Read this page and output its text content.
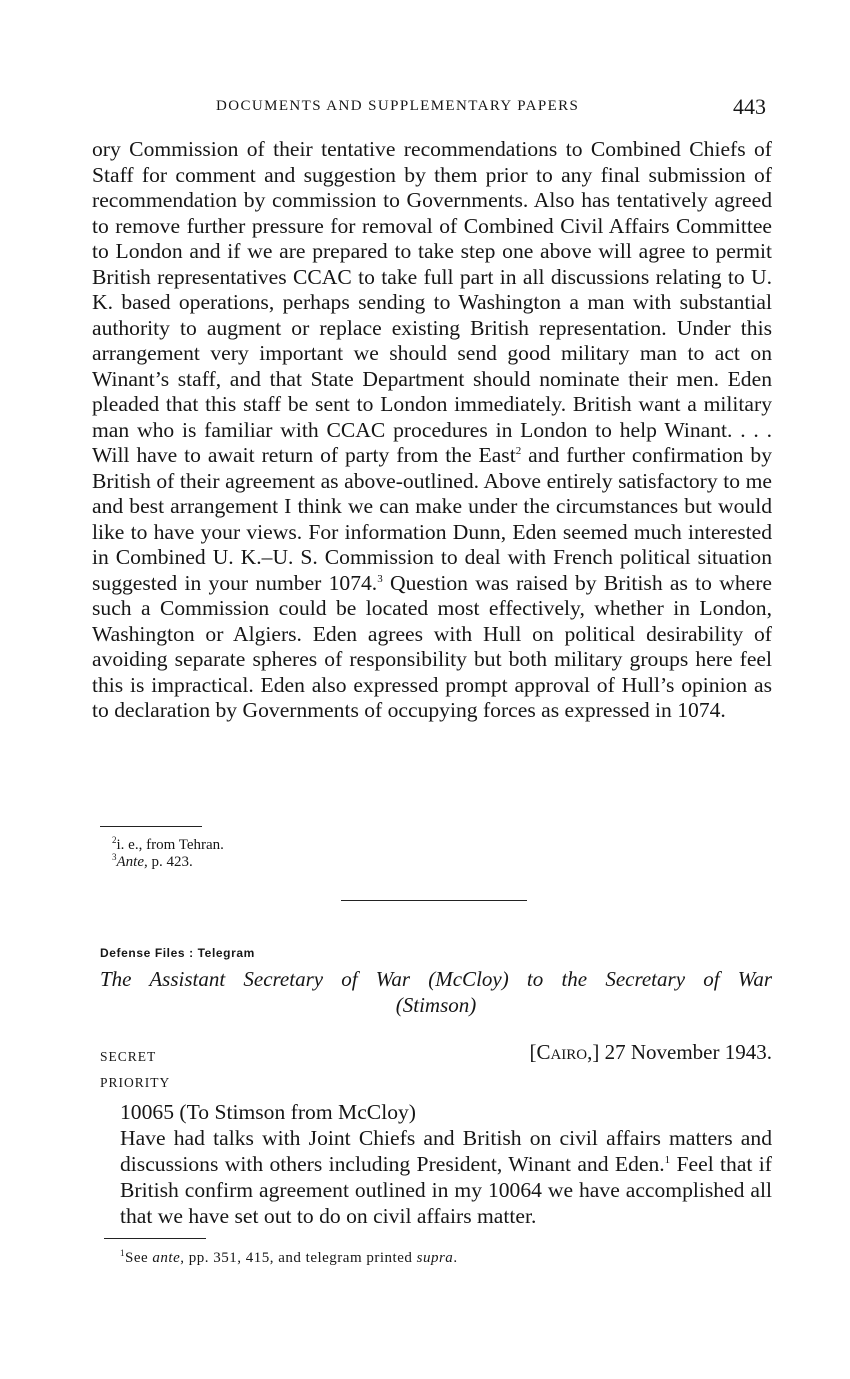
DOCUMENTS AND SUPPLEMENTARY PAPERS	443

ory Commission of their tentative recommendations to Combined Chiefs of Staff for comment and suggestion by them prior to any final submission of recommendation by commission to Governments. Also has tentatively agreed to remove further pressure for removal of Combined Civil Affairs Committee to London and if we are prepared to take step one above will agree to permit British representatives CCAC to take full part in all discussions relating to U. K. based operations, perhaps sending to Washington a man with substantial authority to augment or replace existing British representation. Under this arrangement very important we should send good military man to act on Winant’s staff, and that State Department should nominate their men. Eden pleaded that this staff be sent to London immediately. British want a military man who is familiar with CCAC procedures in London to help Winant. . . . Will have to await return of party from the East$^2$ and further confirmation by British of their agreement as above-outlined. Above entirely satisfactory to me and best arrangement I think we can make under the circumstances but would like to have your views. For information Dunn, Eden seemed much interested in Combined U. K.–U. S. Commission to deal with French political situation suggested in your number 1074.$^3$ Question was raised by British as to where such a Commission could be located most effectively, whether in London, Washington or Algiers. Eden agrees with Hull on political desirability of avoiding separate spheres of responsibility but both military groups here feel this is impractical. Eden also expressed prompt approval of Hull’s opinion as to declaration by Governments of occupying forces as expressed in 1074.

$^2$i. e., from Tehran.
$^3$Ante, p. 423.
Defense Files : Telegram
The Assistant Secretary of War (McCloy) to the Secretary of War
(Stimson)
SECRET
PRIORITY
[Cairo,] 27 November 1943.

10065 (To Stimson from McCloy)

Have had talks with Joint Chiefs and British on civil affairs matters and discussions with others including President, Winant and Eden.$^1$ Feel that if British confirm agreement outlined in my 10064 we have accomplished all that we have set out to do on civil affairs matter.

$^1$See ante, pp. 351, 415, and telegram printed supra.
